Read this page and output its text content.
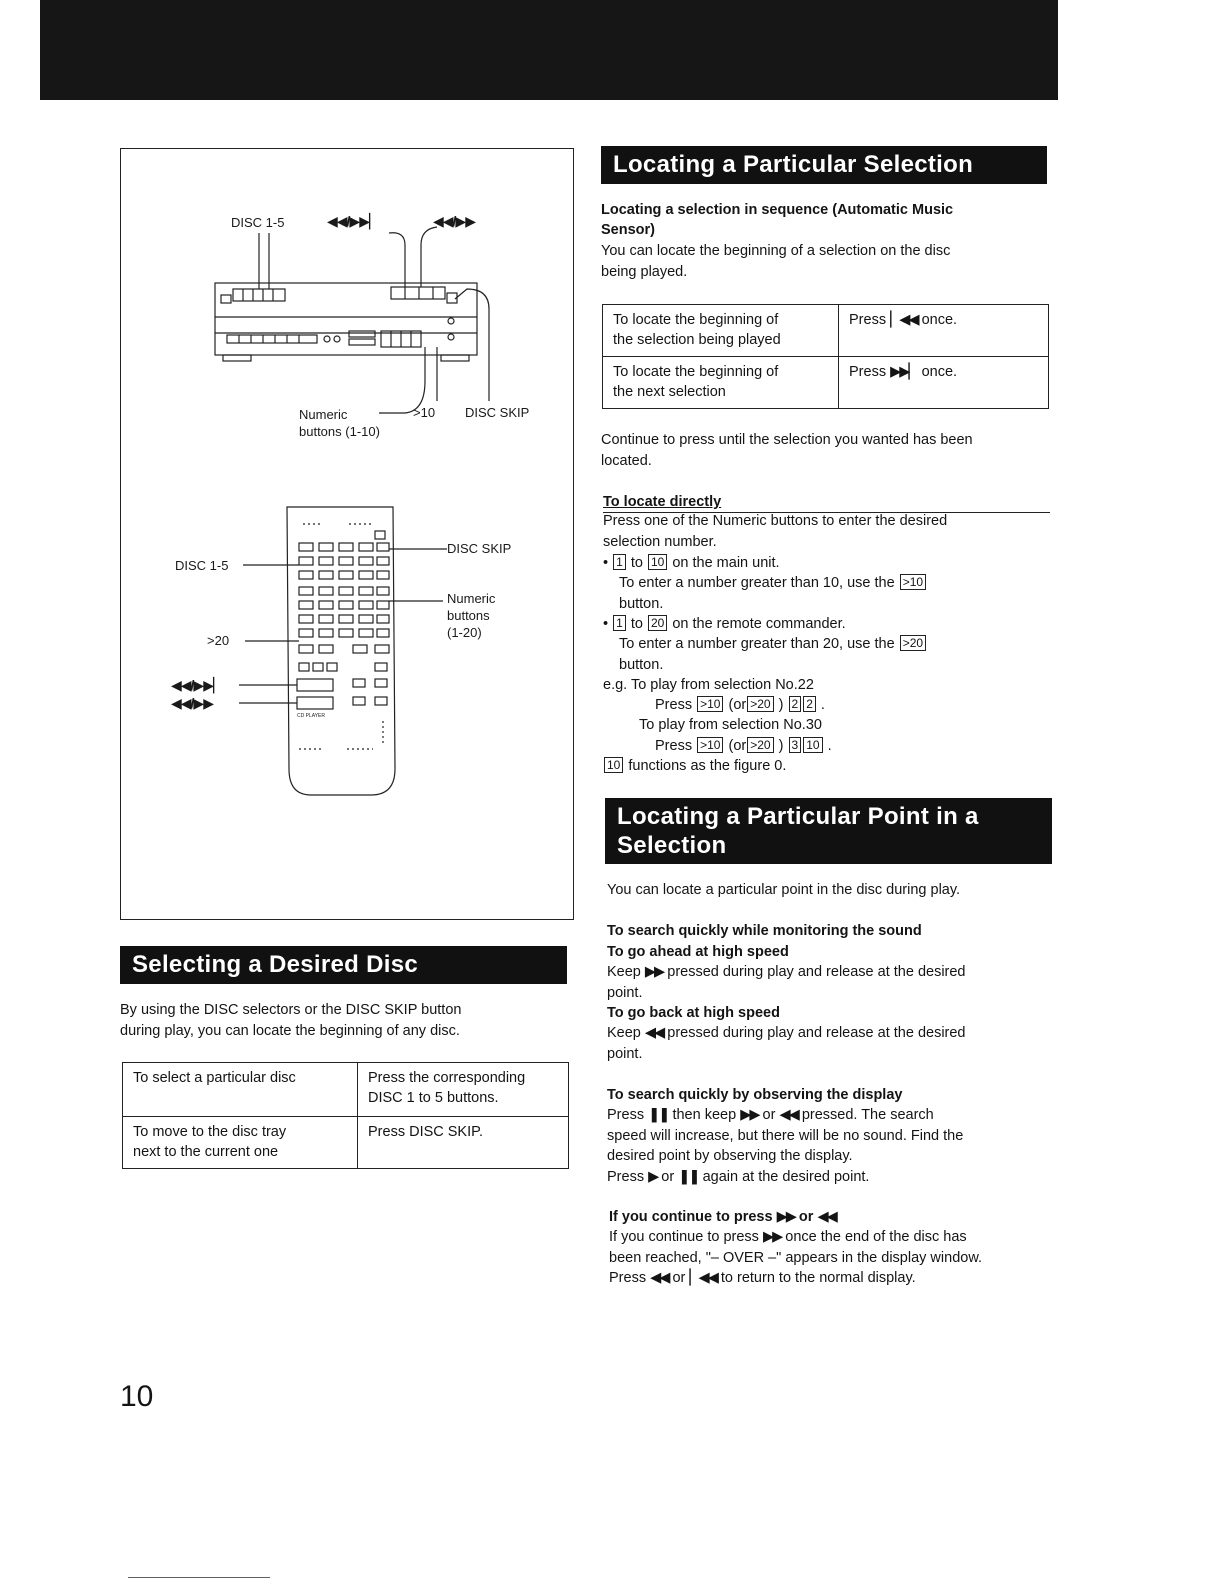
DISC 1-5	◀◀/▶▶▏	◀◀/▶▶
Numeric
buttons (1-10)
>10 DISC SKIP
DISC 1-5
DISC SKIP
Numeric
buttons
(1-20)
>20
◀◀/▶▶▏
◀◀/▶▶
CD PLAYER
Selecting a Desired Disc
By using the DISC selectors or the DISC SKIP button
during play, you can locate the beginning of any disc.
To select a particular disc	Press the corresponding
DISC 1 to 5 buttons.

To move to the disc tray
next to the current one	Press DISC SKIP.
Locating a Particular Selection
Locating a selection in sequence (Automatic Music
Sensor)
You can locate the beginning of a selection on the disc
being played.
To locate the beginning of
the selection being played	Press ▏◀◀ once.

To locate the beginning of
the next selection	Press ▶▶▏ once.
Continue to press until the selection you wanted has been
located.
To locate directly
Press one of the Numeric buttons to enter the desired
selection number.
• 1 to 10 on the main unit.
To enter a number greater than 10, use the >10
button.
• 1 to 20 on the remote commander.
To enter a number greater than 20, use the >20
button.
e.g. To play from selection No.22
Press >10 (or >20 ) 2 2 .
To play from selection No.30
Press >10 (or >20 ) 3 10 .
10 functions as the figure 0.
Locating a Particular Point in a
Selection
You can locate a particular point in the disc during play.
To search quickly while monitoring the sound
To go ahead at high speed
Keep ▶▶ pressed during play and release at the desired
point.
To go back at high speed
Keep ◀◀ pressed during play and release at the desired
point.
To search quickly by observing the display
Press ❚❚ then keep ▶▶ or ◀◀ pressed. The search
speed will increase, but there will be no sound. Find the
desired point by observing the display.
Press ▶ or ❚❚ again at the desired point.
If you continue to press ▶▶ or ◀◀
If you continue to press ▶▶ once the end of the disc has
been reached, "– OVER –" appears in the display window.
Press ◀◀ or ▏◀◀ to return to the normal display.
10
